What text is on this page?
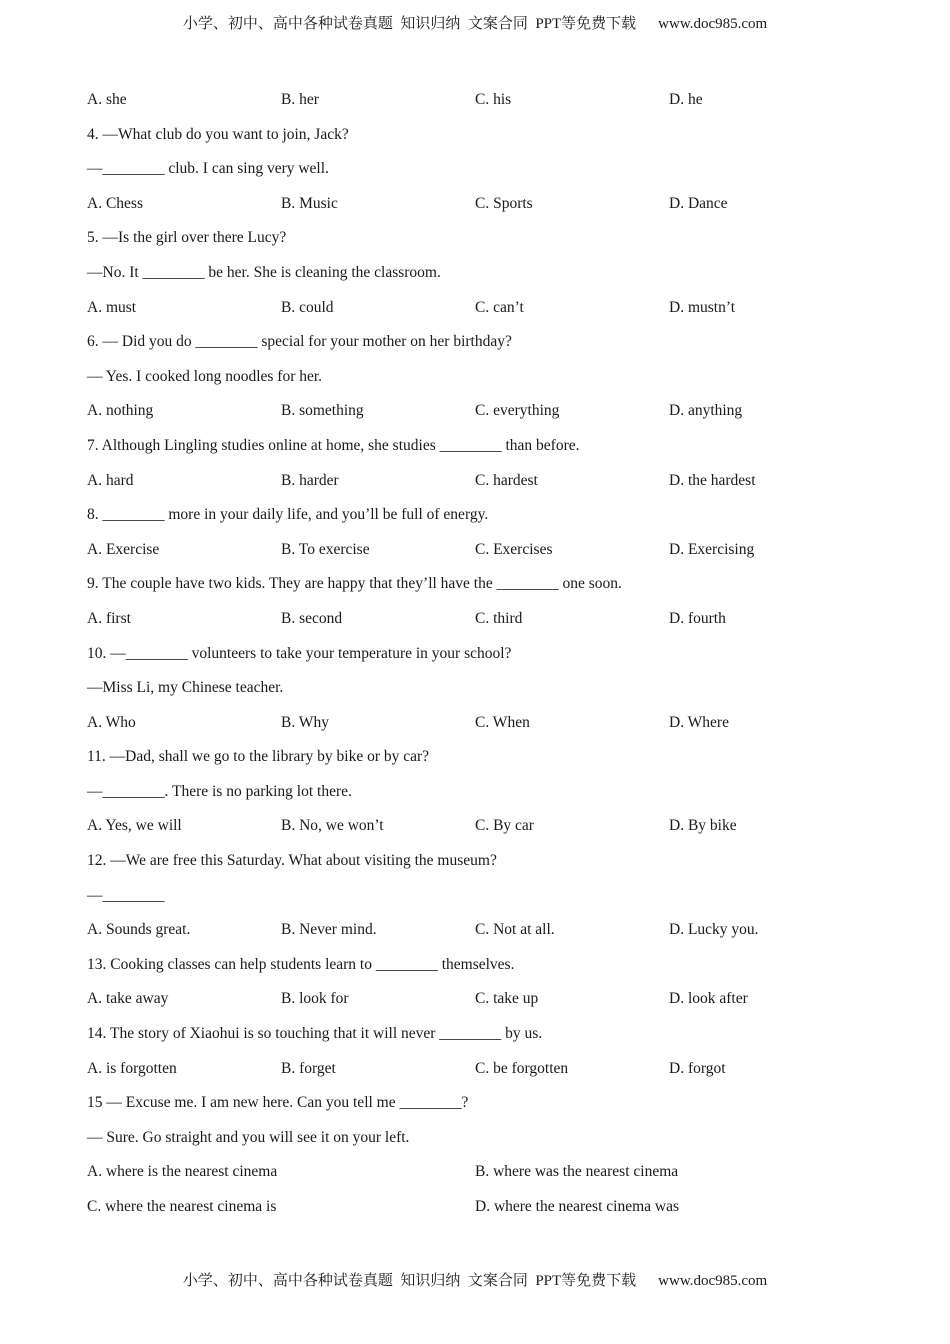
小学、初中、高中各种试卷真题  知识归纳  文案合同  PPT等免费下载 www.doc985.com
A. she	B. her	C. his	D. he
4. —What club do you want to join, Jack?
—________ club. I can sing very well.
A. Chess	B. Music	C. Sports	D. Dance
5. —Is the girl over there Lucy?
—No. It ________ be her. She is cleaning the classroom.
A. must	B. could	C. can’t	D. mustn’t
6. — Did you do ________ special for your mother on her birthday?
— Yes. I cooked long noodles for her.
A. nothing	B. something	C. everything	D. anything
7. Although Lingling studies online at home, she studies ________ than before.
A. hard	B. harder	C. hardest	D. the hardest
8. ________ more in your daily life, and you’ll be full of energy.
A. Exercise	B. To exercise	C. Exercises	D. Exercising
9. The couple have two kids. They are happy that they’ll have the ________ one soon.
A. first	B. second	C. third	D. fourth
10. —________ volunteers to take your temperature in your school?
—Miss Li, my Chinese teacher.
A. Who	B. Why	C. When	D. Where
11. —Dad, shall we go to the library by bike or by car?
—________. There is no parking lot there.
A. Yes, we will	B. No, we won’t	C. By car	D. By bike
12. —We are free this Saturday. What about visiting the museum?
—________
A. Sounds great.	B. Never mind.	C. Not at all.	D. Lucky you.
13. Cooking classes can help students learn to ________ themselves.
A. take away	B. look for	C. take up	D. look after
14. The story of Xiaohui is so touching that it will never ________ by us.
A. is forgotten	B. forget	C. be forgotten	D. forgot
15 — Excuse me. I am new here. Can you tell me ________?
— Sure. Go straight and you will see it on your left.
A. where is the nearest cinema	B. where was the nearest cinema
C. where the nearest cinema is	D. where the nearest cinema was
小学、初中、高中各种试卷真题  知识归纳  文案合同  PPT等免费下载 www.doc985.com
